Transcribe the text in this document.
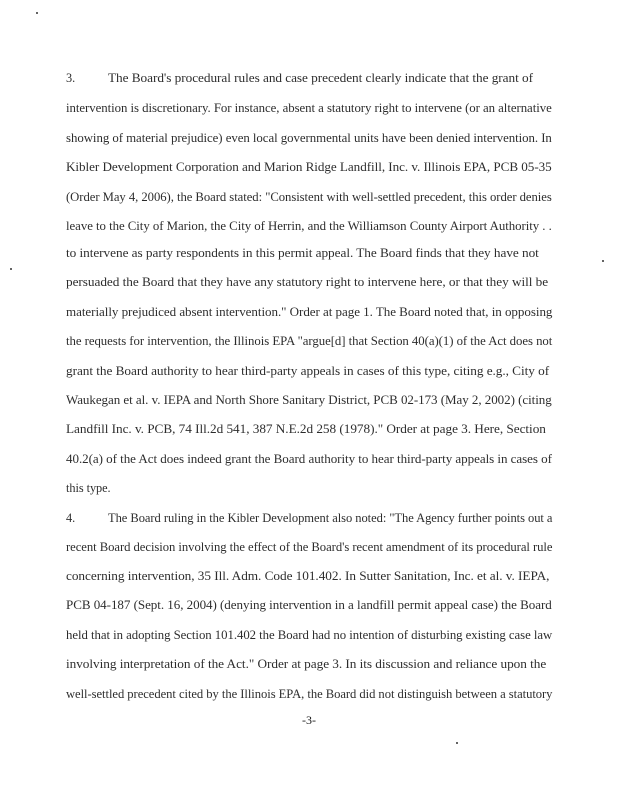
3.	The Board's procedural rules and case precedent clearly indicate that the grant of

intervention is discretionary. For instance, absent a statutory right to intervene (or an alternative

showing of material prejudice) even local governmental units have been denied intervention. In

Kibler Development Corporation and Marion Ridge Landfill, Inc. v. Illinois EPA, PCB 05-35

(Order May 4, 2006), the Board stated: "Consistent with well-settled precedent, this order denies

leave to the City of Marion, the City of Herrin, and the Williamson County Airport Authority . .

to intervene as party respondents in this permit appeal. The Board finds that they have not

persuaded the Board that they have any statutory right to intervene here, or that they will be

materially prejudiced absent intervention." Order at page 1. The Board noted that, in opposing

the requests for intervention, the Illinois EPA "argue[d] that Section 40(a)(1) of the Act does not

grant the Board authority to hear third-party appeals in cases of this type, citing e.g., City of

Waukegan et al. v. IEPA and North Shore Sanitary District, PCB 02-173 (May 2, 2002) (citing

Landfill Inc. v. PCB, 74 Ill.2d 541, 387 N.E.2d 258 (1978)." Order at page 3. Here, Section

40.2(a) of the Act does indeed grant the Board authority to hear third-party appeals in cases of

this type.

4.	The Board ruling in the Kibler Development also noted: "The Agency further points out a

recent Board decision involving the effect of the Board's recent amendment of its procedural rule

concerning intervention, 35 Ill. Adm. Code 101.402. In Sutter Sanitation, Inc. et al. v. IEPA,

PCB 04-187 (Sept. 16, 2004) (denying intervention in a landfill permit appeal case) the Board

held that in adopting Section 101.402 the Board had no intention of disturbing existing case law

involving interpretation of the Act." Order at page 3. In its discussion and reliance upon the

well-settled precedent cited by the Illinois EPA, the Board did not distinguish between a statutory

-3-
